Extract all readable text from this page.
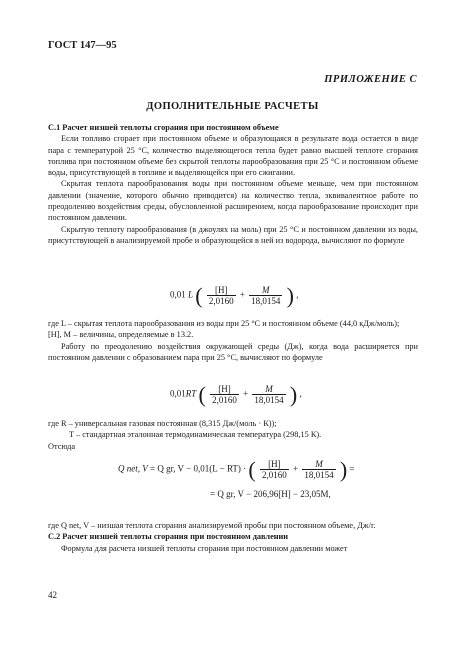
ГОСТ 147—95
ПРИЛОЖЕНИЕ С
ДОПОЛНИТЕЛЬНЫЕ РАСЧЕТЫ

С.1 Расчет низшей теплоты сгорания при постоянном объеме

Если топливо сгорает при постоянном объеме и образующаяся в результате вода остается в виде пара с температурой 25 °С, количество выделяющегося тепла будет равно высшей теплоте сгорания топлива при постоянном объеме без скрытой теплоты парообразования при 25 °С и постоянном объеме воды, присутствующей в топливе и выделяющейся при его сжигании.

Скрытая теплота парообразования воды при постоянном объеме меньше, чем при постоянном давлении (значение, которого обычно приводится) на количество тепла, эквивалентное работе по преодолению воздействия среды, обусловленной расширением, когда парообразование происходит при постоянном давлении.

Скрытую теплоту парообразования (в джоулях на моль) при 25 °С и постоянном давлении из воды, присутствующей в анализируемой пробе и образующейся в ней из водорода, вычисляют по формуле

0,01 L ( $\frac{[H]}{2,0160} + \frac{M}{18,0154}$ ) ,

где L – скрытая теплота парообразования из воды при 25 °С и постоянном объеме (44,0 кДж/моль);

[H], M – величины, определяемые в 13.2.

Работу по преодолению воздействия окружающей среды (Дж), когда вода расширяется при постоянном давлении с образованием пара при 25 °С, вычисляют по формуле

0,01RT ( $\frac{[H]}{2,0160} + \frac{M}{18,0154}$ ) ,

где R – универсальная газовая постоянная (8,315 Дж/(моль · К));

T – стандартная эталонная термодинамическая температура (298,15 К).

Отсюда

Q net, V = Q gr, V − 0,01(L − RT) · ( $\frac{[H]}{2,0160} + \frac{M}{18,0154}$ ) =
= Q gr, V − 206,96[H] − 23,05M,

где Q net, V – низшая теплота сгорания анализируемой пробы при постоянном объеме, Дж/г.

С.2 Расчет низшей теплоты сгорания при постоянном давлении

Формула для расчета низшей теплоты сгорания при постоянном давлении может

42
